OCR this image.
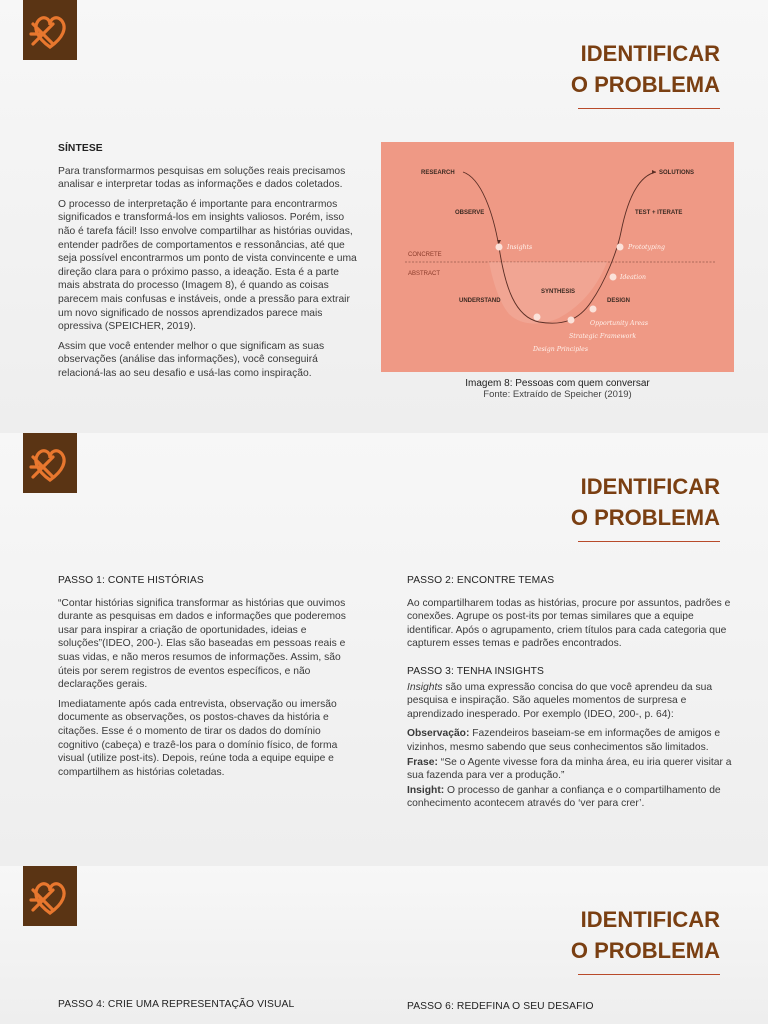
IDENTIFICAR
O PROBLEMA
SÍNTESE

Para transformarmos pesquisas em soluções reais precisamos analisar e interpretar todas as informações e dados coletados.

O processo de interpretação é importante para encontrarmos significados e transformá-los em insights valiosos. Porém, isso não é tarefa fácil! Isso envolve compartilhar as histórias ouvidas, entender padrões de comportamentos e ressonâncias, até que seja possível encontrarmos um ponto de vista convincente e uma direção clara para o próximo passo, a ideação. Esta é a parte mais abstrata do processo (Imagem 8), é quando as coisas parecem mais confusas e instáveis, onde a pressão para extrair um novo significado de nossos aprendizados parece mais opressiva (SPEICHER, 2019).

Assim que você entender melhor o que significam as suas observações (análise das informações), você conseguirá relacioná-las ao seu desafio e usá-las como inspiração.

RESEARCH	SOLUTIONS
OBSERVE	TEST + ITERATE
CONCRETE
ABSTRACT
SYNTHESIS
UNDERSTAND	DESIGN
Insights	Prototyping
Ideation
Opportunity Areas
Strategic Framework
Design Principles
Imagem 8: Pessoas com quem conversar
Fonte: Extraído de Speicher (2019)
IDENTIFICAR
O PROBLEMA
PASSO 1: CONTE HISTÓRIAS

“Contar histórias significa transformar as histórias que ouvimos durante as pesquisas em dados e informações que poderemos usar para inspirar a criação de oportunidades, ideias e soluções”(IDEO, 200-). Elas são baseadas em pessoas reais e suas vidas, e não meros resumos de informações. Assim, são úteis por serem registros de eventos específicos, e não declarações gerais.

Imediatamente após cada entrevista, observação ou imersão documente as observações, os postos-chaves da história e citações. Esse é o momento de tirar os dados do domínio cognitivo (cabeça) e trazê-los para o domínio físico, de forma visual (utilize post-its). Depois, reúne toda a equipe equipe e compartilhem as histórias coletadas.

PASSO 2: ENCONTRE TEMAS

Ao compartilharem todas as histórias, procure por assuntos, padrões e conexões. Agrupe os post-its por temas similares que a equipe identificar. Após o agrupamento, criem títulos para cada categoria que capturem esses temas e padrões encontrados.

PASSO 3: TENHA INSIGHTS

Insights são uma expressão concisa do que você aprendeu da sua pesquisa e inspiração. São aqueles momentos de surpresa e aprendizado inesperado. Por exemplo (IDEO, 200-, p. 64):

Observação: Fazendeiros baseiam-se em informações de amigos e vizinhos, mesmo sabendo que seus conhecimentos são limitados.

Frase: “Se o Agente vivesse fora da minha área, eu iria querer visitar a sua fazenda para ver a produção.”

Insight: O processo de ganhar a confiança e o compartilhamento de conhecimento acontecem através do ‘ver para crer’.

IDENTIFICAR
O PROBLEMA
PASSO 4: CRIE UMA REPRESENTAÇÃO VISUAL	PASSO 6: REDEFINA O SEU DESAFIO
